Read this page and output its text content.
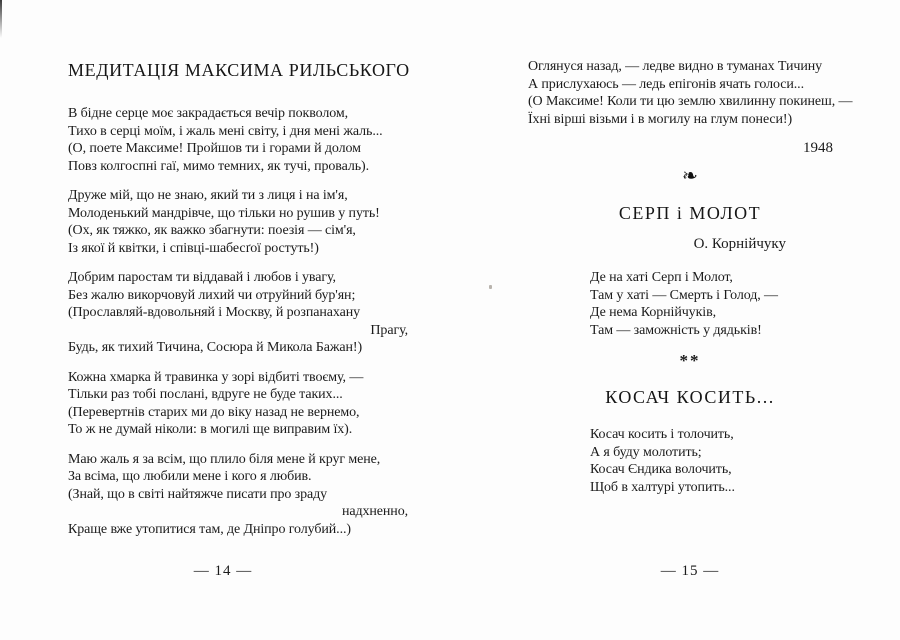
МЕДИТАЦІЯ МАКСИМА РИЛЬСЬКОГО
В бідне серце моє закрадається вечір покволом,
Тихо в серці моїм, і жаль мені світу, і дня мені жаль...
(О, поете Максиме! Пройшов ти і горами й долом
Повз колгоспні гаї, мимо темних, як тучі, проваль).
Друже мій, що не знаю, який ти з лиця і на ім'я,
Молоденький мандрівче, що тільки но рушив у путь!
(Ох, як тяжко, як важко збагнути: поезія — сім'я,
Із якої й квітки, і співці-шабесґої ростуть!)
Добрим паростам ти віддавай і любов і увагу,
Без жалю викорчовуй лихий чи отруйний бур'ян;
(Прославляй-вдовольняй і Москву, й розпанахану
Прагу,
Будь, як тихий Тичина, Сосюра й Микола Бажан!)
Кожна хмарка й травинка у зорі відбиті твоєму, —
Тільки раз тобі послані, вдруге не буде таких...
(Перевертнів старих ми до віку назад не вернемо,
То ж не думай ніколи: в могилі ще виправим їх).
Маю жаль я за всім, що плило біля мене й круг мене,
За всіма, що любили мене і кого я любив.
(Знай, що в світі найтяжче писати про зраду
надхненно,
Краще вже утопитися там, де Дніпро голубий...)
Оглянуся назад, — ледве видно в туманах Тичину
А прислухаюсь — ледь епігонів ячать голоси...
(О Максиме! Коли ти цю землю хвилинну покинеш, —
Їхні вірші візьми і в могилу на глум понеси!)
1948
❧
СЕРП і МОЛОТ
О. Корнійчуку
Де на хаті Серп і Молот,
Там у хаті — Смерть і Голод, —
Де нема Корнійчуків,
Там — заможність у дядьків!
**
КОСАЧ КОСИТЬ...
Косач косить і толочить,
А я буду молотить;
Косач Єндика волочить,
Щоб в халтурі утопить...
— 14 —	— 15 —
